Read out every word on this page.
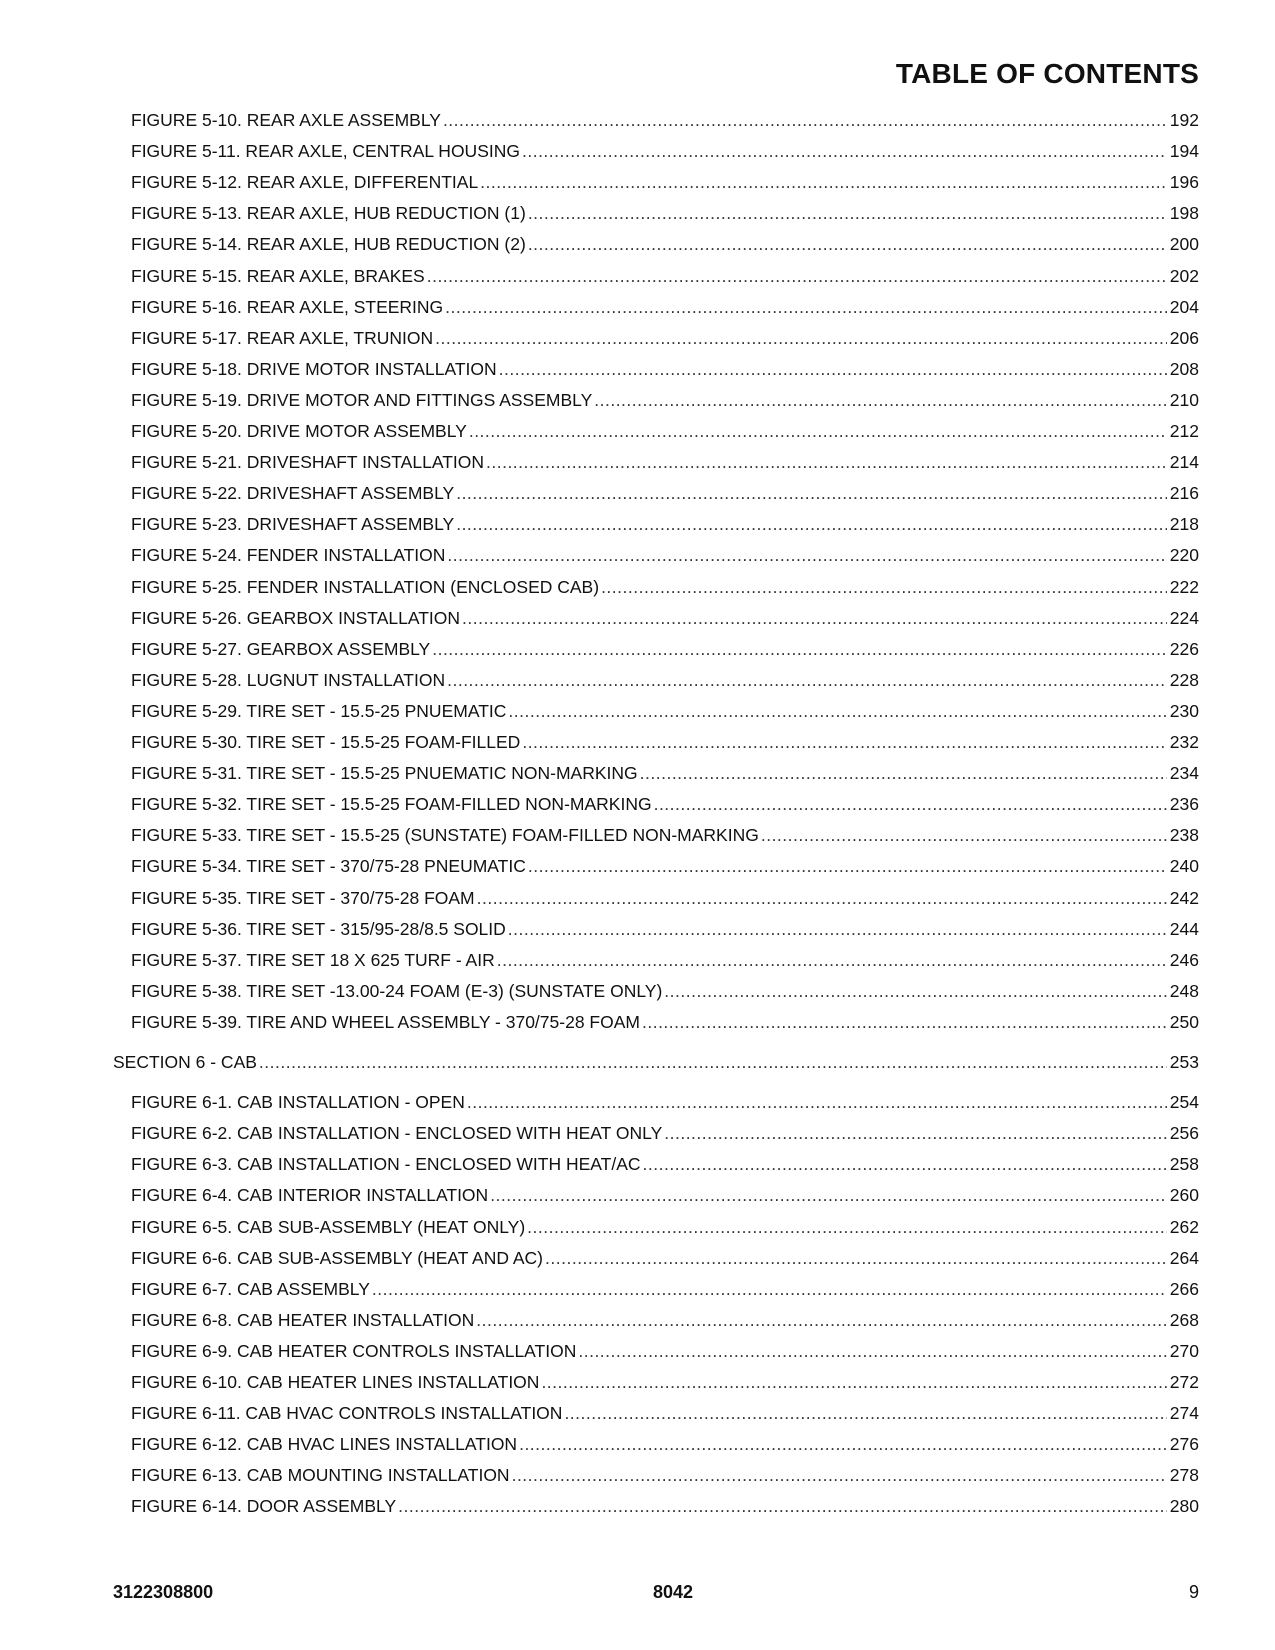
TABLE OF CONTENTS
FIGURE 5-10. REAR AXLE ASSEMBLY .....	192
FIGURE 5-11. REAR AXLE, CENTRAL HOUSING .....	194
FIGURE 5-12. REAR AXLE, DIFFERENTIAL .....	196
FIGURE 5-13. REAR AXLE, HUB REDUCTION (1) .....	198
FIGURE 5-14. REAR AXLE, HUB REDUCTION (2) .....	200
FIGURE 5-15. REAR AXLE, BRAKES .....	202
FIGURE 5-16. REAR AXLE, STEERING .....	204
FIGURE 5-17. REAR AXLE, TRUNION .....	206
FIGURE 5-18. DRIVE MOTOR INSTALLATION .....	208
FIGURE 5-19. DRIVE MOTOR AND FITTINGS ASSEMBLY .....	210
FIGURE 5-20. DRIVE MOTOR ASSEMBLY .....	212
FIGURE 5-21. DRIVESHAFT INSTALLATION .....	214
FIGURE 5-22. DRIVESHAFT ASSEMBLY .....	216
FIGURE 5-23. DRIVESHAFT ASSEMBLY .....	218
FIGURE 5-24. FENDER INSTALLATION .....	220
FIGURE 5-25. FENDER INSTALLATION (ENCLOSED CAB) .....	222
FIGURE 5-26. GEARBOX INSTALLATION .....	224
FIGURE 5-27. GEARBOX ASSEMBLY .....	226
FIGURE 5-28. LUGNUT INSTALLATION .....	228
FIGURE 5-29. TIRE SET - 15.5-25 PNUEMATIC .....	230
FIGURE 5-30. TIRE SET - 15.5-25 FOAM-FILLED .....	232
FIGURE 5-31. TIRE SET - 15.5-25 PNUEMATIC NON-MARKING .....	234
FIGURE 5-32. TIRE SET - 15.5-25 FOAM-FILLED NON-MARKING .....	236
FIGURE 5-33. TIRE SET - 15.5-25 (SUNSTATE) FOAM-FILLED NON-MARKING .....	238
FIGURE 5-34. TIRE SET - 370/75-28 PNEUMATIC .....	240
FIGURE 5-35. TIRE SET - 370/75-28 FOAM .....	242
FIGURE 5-36. TIRE SET - 315/95-28/8.5 SOLID .....	244
FIGURE 5-37. TIRE SET 18 X 625 TURF - AIR .....	246
FIGURE 5-38. TIRE SET -13.00-24 FOAM (E-3) (SUNSTATE ONLY) .....	248
FIGURE 5-39. TIRE AND WHEEL ASSEMBLY - 370/75-28 FOAM .....	250
SECTION 6 - CAB .....	253
FIGURE 6-1. CAB INSTALLATION - OPEN .....	254
FIGURE 6-2. CAB INSTALLATION - ENCLOSED WITH HEAT ONLY .....	256
FIGURE 6-3. CAB INSTALLATION - ENCLOSED WITH HEAT/AC .....	258
FIGURE 6-4. CAB INTERIOR INSTALLATION .....	260
FIGURE 6-5. CAB SUB-ASSEMBLY (HEAT ONLY) .....	262
FIGURE 6-6. CAB SUB-ASSEMBLY (HEAT AND AC) .....	264
FIGURE 6-7. CAB ASSEMBLY .....	266
FIGURE 6-8. CAB HEATER INSTALLATION .....	268
FIGURE 6-9. CAB HEATER CONTROLS INSTALLATION .....	270
FIGURE 6-10. CAB HEATER LINES INSTALLATION .....	272
FIGURE 6-11. CAB HVAC CONTROLS INSTALLATION .....	274
FIGURE 6-12. CAB HVAC LINES INSTALLATION .....	276
FIGURE 6-13. CAB MOUNTING INSTALLATION .....	278
FIGURE 6-14. DOOR ASSEMBLY .....	280
3122308800	8042	9
